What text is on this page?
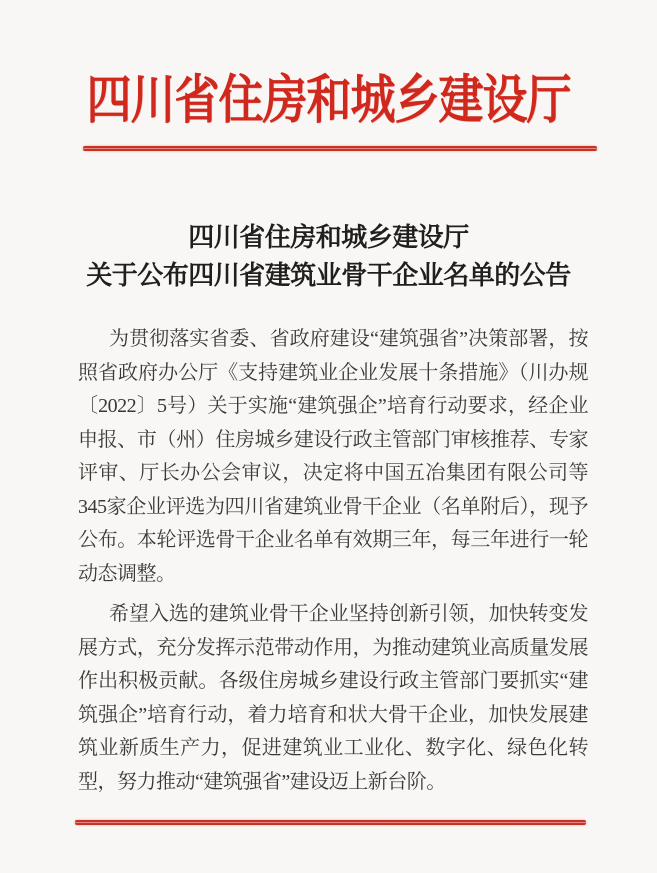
四川省住房和城乡建设厅
四川省住房和城乡建设厅
关于公布四川省建筑业骨干企业名单的公告

为贯彻落实省委、省政府建设“建筑强省”决策部署，按照省政府办公厅《支持建筑业企业发展十条措施》（川办规〔2022〕5号）关于实施“建筑强企”培育行动要求，经企业申报、市（州）住房城乡建设行政主管部门审核推荐、专家评审、厅长办公会审议，决定将中国五冶集团有限公司等345家企业评选为四川省建筑业骨干企业（名单附后），现予公布。本轮评选骨干企业名单有效期三年，每三年进行一轮动态调整。

希望入选的建筑业骨干企业坚持创新引领，加快转变发展方式，充分发挥示范带动作用，为推动建筑业高质量发展作出积极贡献。各级住房城乡建设行政主管部门要抓实“建筑强企”培育行动，着力培育和状大骨干企业，加快发展建筑业新质生产力，促进建筑业工业化、数字化、绿色化转型，努力推动“建筑强省”建设迈上新台阶。
